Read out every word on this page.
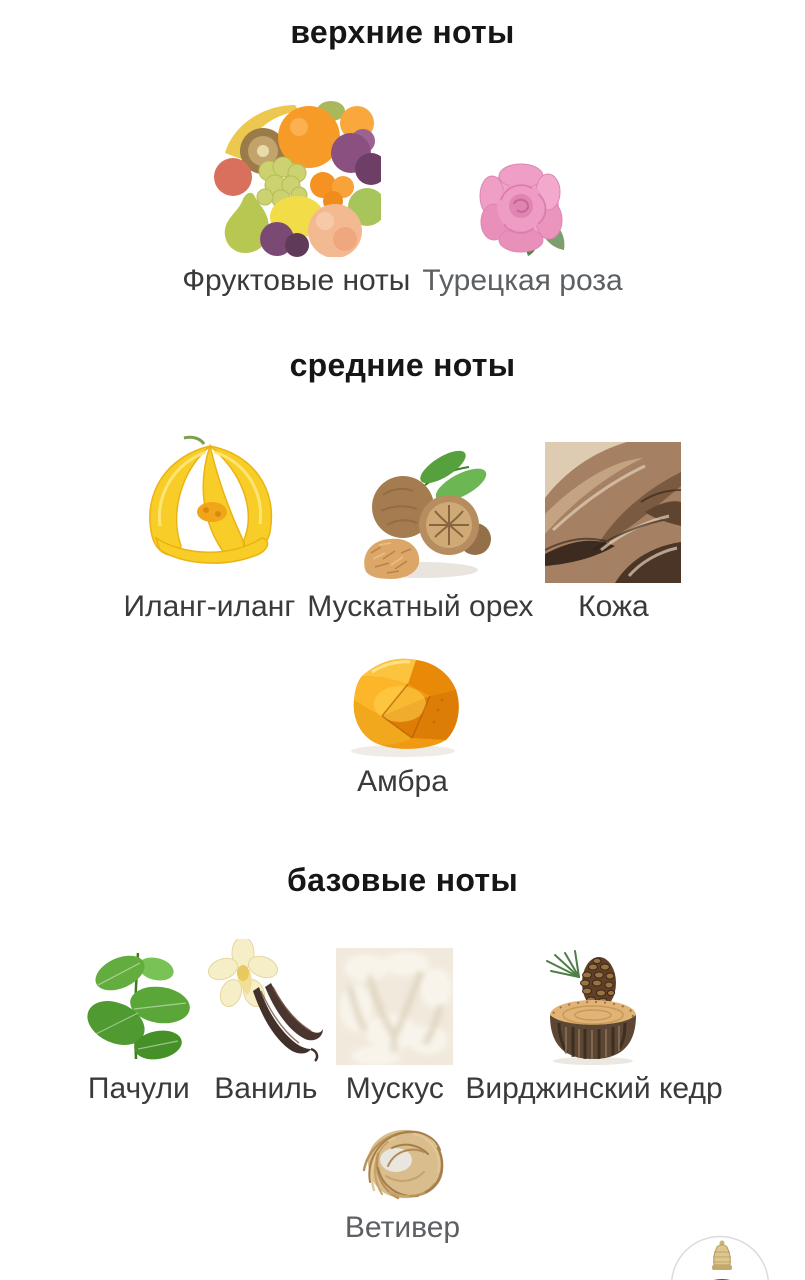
верхние ноты
Фруктовые ноты Турецкая роза
средние ноты
Иланг-иланг Мускатный орех Кожа
Амбра
базовые ноты
Пачули Ваниль Мускус Вирджинский кедр
Ветивер
